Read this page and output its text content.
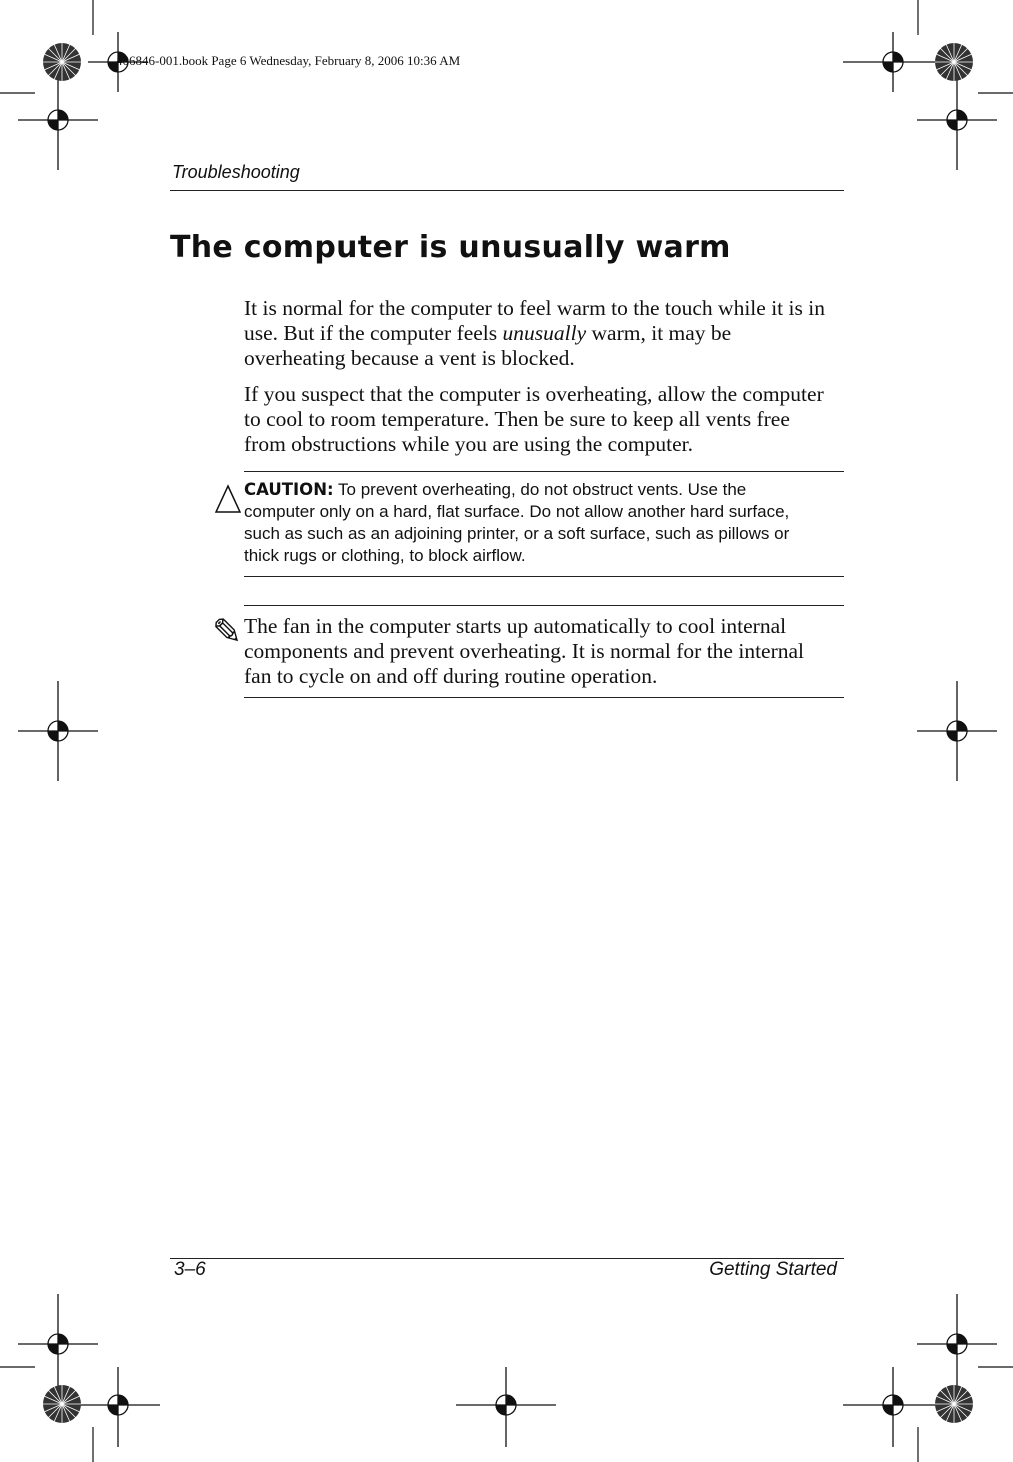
406846-001.book Page 6 Wednesday, February 8, 2006 10:36 AM
Troubleshooting
The computer is unusually warm
It is normal for the computer to feel warm to the touch while it is in use. But if the computer feels unusually warm, it may be overheating because a vent is blocked.
If you suspect that the computer is overheating, allow the computer to cool to room temperature. Then be sure to keep all vents free from obstructions while you are using the computer.
CAUTION: To prevent overheating, do not obstruct vents. Use the computer only on a hard, flat surface. Do not allow another hard surface, such as such as an adjoining printer, or a soft surface, such as pillows or thick rugs or clothing, to block airflow.
✎ The fan in the computer starts up automatically to cool internal components and prevent overheating. It is normal for the internal fan to cycle on and off during routine operation.
3–6	Getting Started
